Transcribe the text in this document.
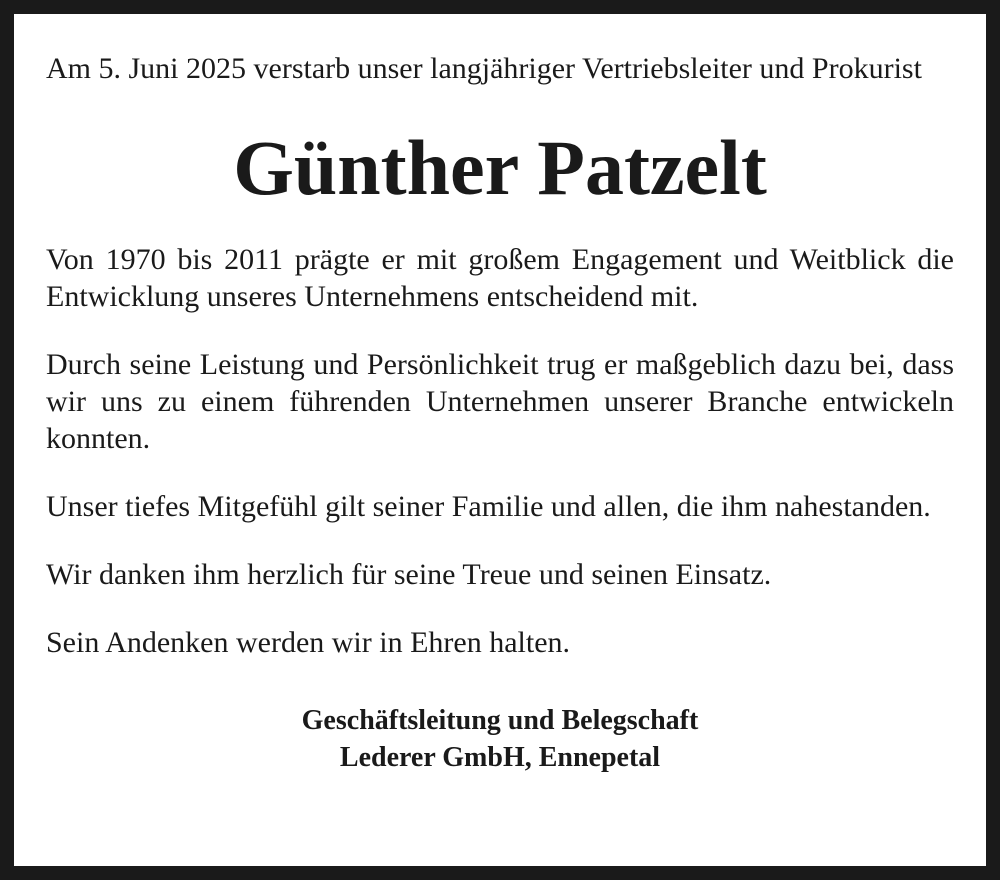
Am 5. Juni 2025 verstarb unser langjähriger Vertriebsleiter und Prokurist

Günther Patzelt

Von 1970 bis 2011 prägte er mit großem Engagement und Weitblick die Entwicklung unseres Unternehmens entscheidend mit.

Durch seine Leistung und Persönlichkeit trug er maßgeblich dazu bei, dass wir uns zu einem führenden Unternehmen unserer Branche entwickeln konnten.

Unser tiefes Mitgefühl gilt seiner Familie und allen, die ihm nahestanden.

Wir danken ihm herzlich für seine Treue und seinen Einsatz.

Sein Andenken werden wir in Ehren halten.

Geschäftsleitung und Belegschaft
Lederer GmbH, Ennepetal
